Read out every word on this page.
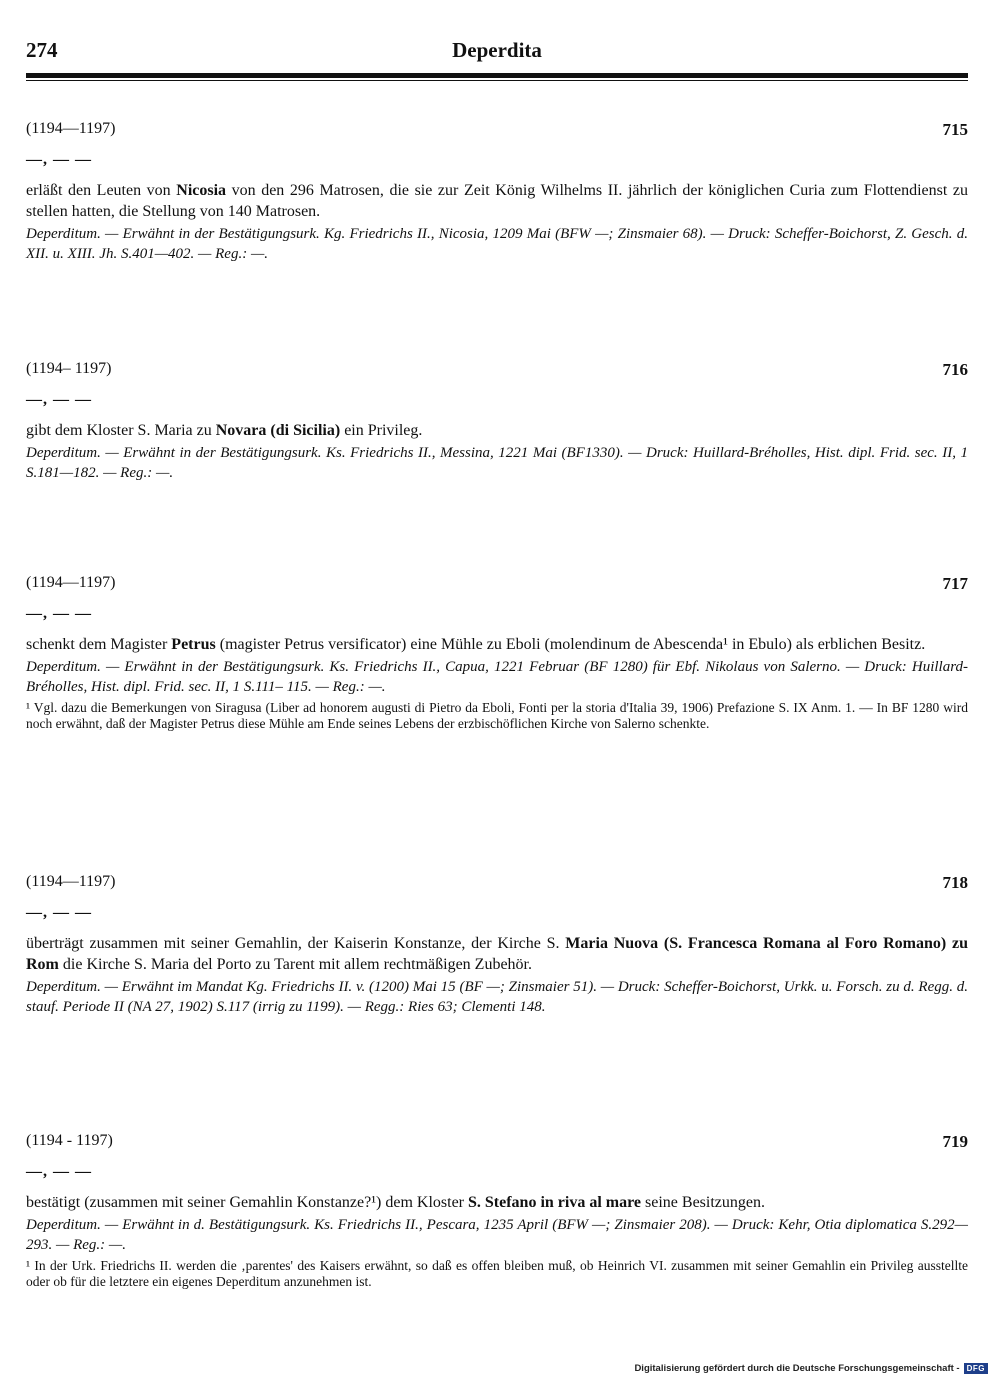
274	Deperdita
(1194—1197)	715
—, — —
erläßt den Leuten von Nicosia von den 296 Matrosen, die sie zur Zeit König Wilhelms II. jährlich der königlichen Curia zum Flottendienst zu stellen hatten, die Stellung von 140 Matrosen.
Deperditum. — Erwähnt in der Bestätigungsurk. Kg. Friedrichs II., Nicosia, 1209 Mai (BFW —; Zinsmaier 68). — Druck: Scheffer-Boichorst, Z. Gesch. d. XII. u. XIII. Jh. S.401—402. — Reg.: —.
(1194– 1197)	716
—, — —
gibt dem Kloster S. Maria zu Novara (di Sicilia) ein Privileg.
Deperditum. — Erwähnt in der Bestätigungsurk. Ks. Friedrichs II., Messina, 1221 Mai (BF1330). — Druck: Huillard-Bréholles, Hist. dipl. Frid. sec. II, 1 S.181—182. — Reg.: —.
(1194—1197)	717
—, — —
schenkt dem Magister Petrus (magister Petrus versificator) eine Mühle zu Eboli (molendinum de Abescenda¹ in Ebulo) als erblichen Besitz.
Deperditum. — Erwähnt in der Bestätigungsurk. Ks. Friedrichs II., Capua, 1221 Februar (BF 1280) für Ebf. Nikolaus von Salerno. — Druck: Huillard-Bréholles, Hist. dipl. Frid. sec. II, 1 S.111– 115. — Reg.: —.
¹ Vgl. dazu die Bemerkungen von Siragusa (Liber ad honorem augusti di Pietro da Eboli, Fonti per la storia d'Italia 39, 1906) Prefazione S. IX Anm. 1. — In BF 1280 wird noch erwähnt, daß der Magister Petrus diese Mühle am Ende seines Lebens der erzbischöflichen Kirche von Salerno schenkte.
(1194—1197)	718
—, — —
überträgt zusammen mit seiner Gemahlin, der Kaiserin Konstanze, der Kirche S. Maria Nuova (S. Francesca Romana al Foro Romano) zu Rom die Kirche S. Maria del Porto zu Tarent mit allem rechtmäßigen Zubehör.
Deperditum. — Erwähnt im Mandat Kg. Friedrichs II. v. (1200) Mai 15 (BF —; Zinsmaier 51). — Druck: Scheffer-Boichorst, Urkk. u. Forsch. zu d. Regg. d. stauf. Periode II (NA 27, 1902) S.117 (irrig zu 1199). — Regg.: Ries 63; Clementi 148.
(1194 - 1197)	719
—, — —
bestätigt (zusammen mit seiner Gemahlin Konstanze?¹) dem Kloster S. Stefano in riva al mare seine Besitzungen.
Deperditum. — Erwähnt in d. Bestätigungsurk. Ks. Friedrichs II., Pescara, 1235 April (BFW —; Zinsmaier 208). — Druck: Kehr, Otia diplomatica S.292—293. — Reg.: —.
¹ In der Urk. Friedrichs II. werden die ‚parentes' des Kaisers erwähnt, so daß es offen bleiben muß, ob Heinrich VI. zusammen mit seiner Gemahlin ein Privileg ausstellte oder ob für die letztere ein eigenes Deperditum anzunehmen ist.
Digitalisierung gefördert durch die Deutsche Forschungsgemeinschaft - DFG
